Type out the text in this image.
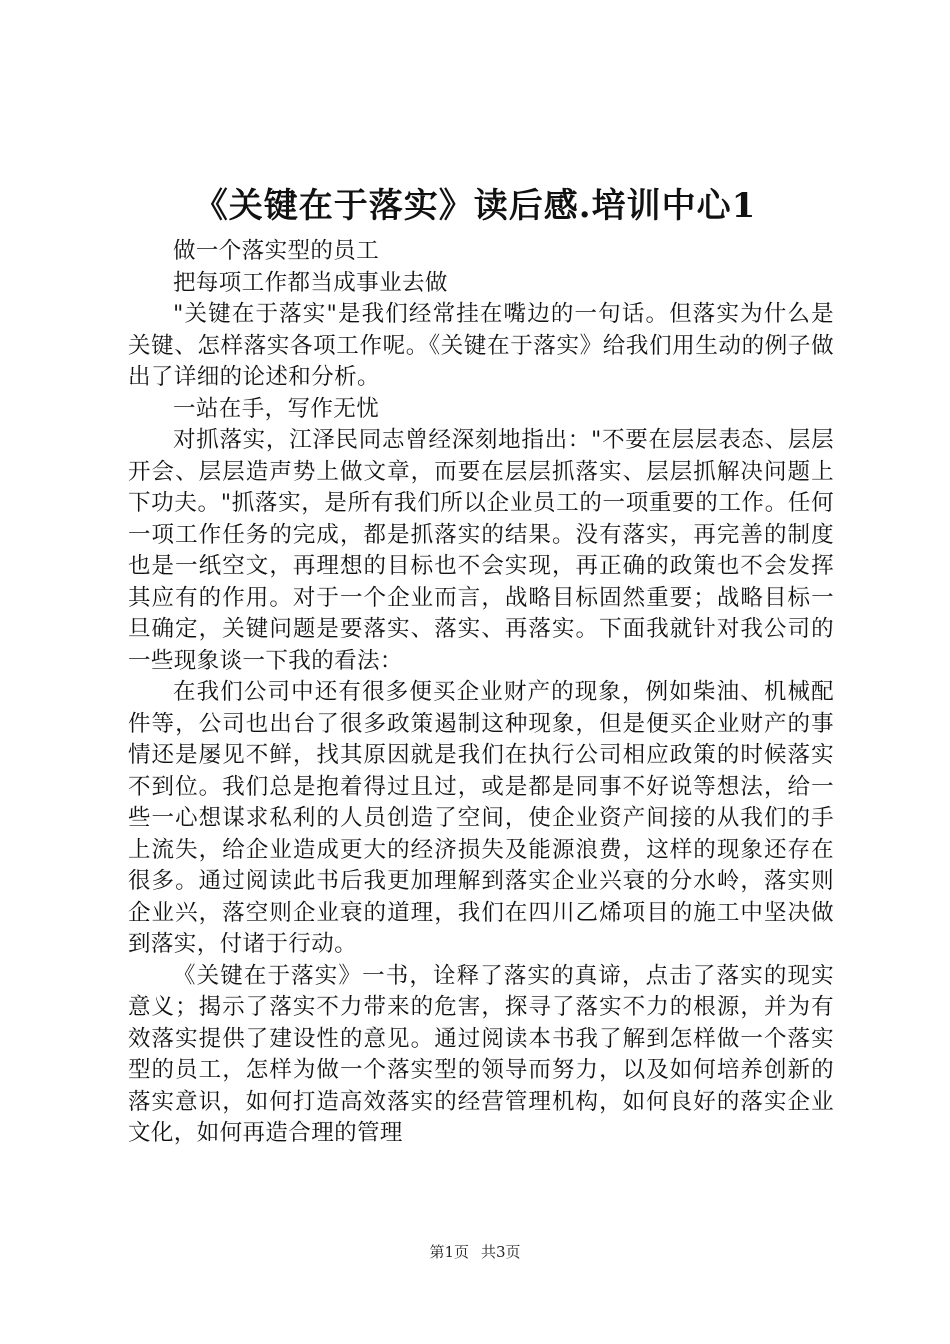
《关键在于落实》读后感.培训中心1

做一个落实型的员工

把每项工作都当成事业去做

"关键在于落实"是我们经常挂在嘴边的一句话。但落实为什么是关键、怎样落实各项工作呢。《关键在于落实》给我们用生动的例子做出了详细的论述和分析。

一站在手，写作无忧

对抓落实，江泽民同志曾经深刻地指出："不要在层层表态、层层开会、层层造声势上做文章，而要在层层抓落实、层层抓解决问题上下功夫。"抓落实，是所有我们所以企业员工的一项重要的工作。任何一项工作任务的完成，都是抓落实的结果。没有落实，再完善的制度也是一纸空文，再理想的目标也不会实现，再正确的政策也不会发挥其应有的作用。对于一个企业而言，战略目标固然重要；战略目标一旦确定，关键问题是要落实、落实、再落实。下面我就针对我公司的一些现象谈一下我的看法：

在我们公司中还有很多便买企业财产的现象，例如柴油、机械配件等，公司也出台了很多政策遏制这种现象，但是便买企业财产的事情还是屡见不鲜，找其原因就是我们在执行公司相应政策的时候落实不到位。我们总是抱着得过且过，或是都是同事不好说等想法，给一些一心想谋求私利的人员创造了空间，使企业资产间接的从我们的手上流失，给企业造成更大的经济损失及能源浪费，这样的现象还存在很多。通过阅读此书后我更加理解到落实企业兴衰的分水岭，落实则企业兴，落空则企业衰的道理，我们在四川乙烯项目的施工中坚决做到落实，付诸于行动。

《关键在于落实》一书，诠释了落实的真谛，点击了落实的现实意义；揭示了落实不力带来的危害，探寻了落实不力的根源，并为有效落实提供了建设性的意见。通过阅读本书我了解到怎样做一个落实型的员工，怎样为做一个落实型的领导而努力，以及如何培养创新的落实意识，如何打造高效落实的经营管理机构，如何良好的落实企业文化，如何再造合理的管理

第1页 共3页
